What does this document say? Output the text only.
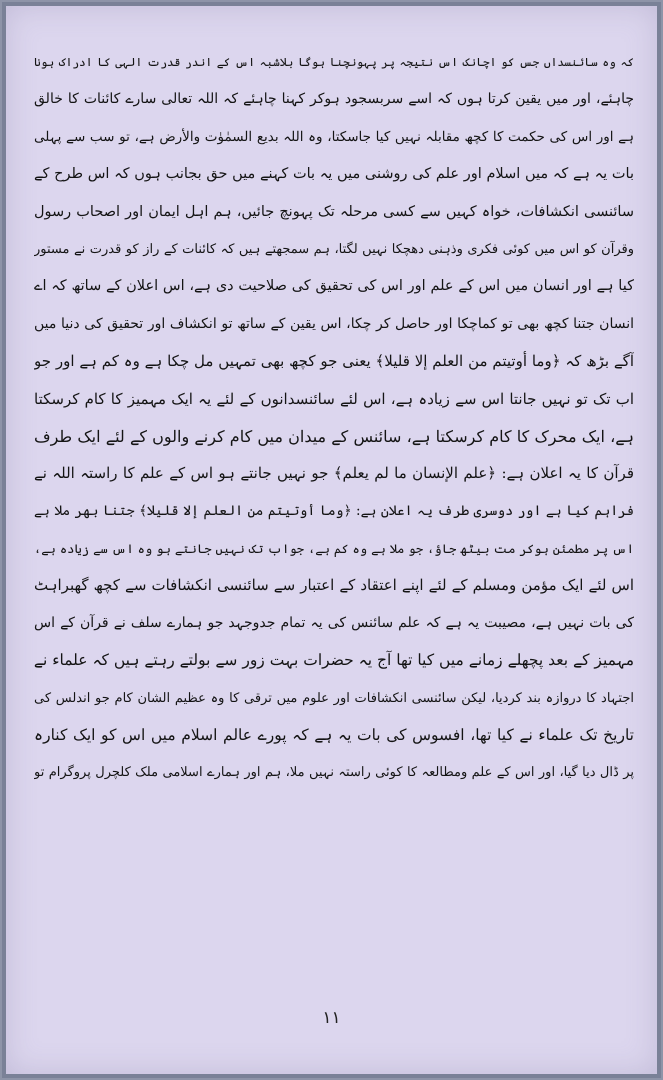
کہ وہ سائنسداں جس کو اچانک اس نتیجہ پر پہونچنا ہوگا بلاشبہ اس کے اندر قدرت الہی کا ادراک ہونا
چاہئے، اور میں یقین کرتا ہوں کہ اسے سربسجود ہوکر کہنا چاہئے کہ اللہ تعالی سارے کائنات کا خالق
ہے اور اس کی حکمت کا کچھ مقابلہ نہیں کیا جاسکتا، وہ اللہ بدیع السمٰوٰت والأرض ہے، تو سب سے پہلی
بات یہ ہے کہ میں اسلام اور علم کی روشنی میں یہ بات کہنے میں حق بجانب ہوں کہ اس طرح کے
سائنسی انکشافات، خواہ کہیں سے کسی مرحلہ تک پہونچ جائیں، ہم اہل ایمان اور اصحاب رسول
وقرآن کو اس میں کوئی فکری وذہنی دھچکا نہیں لگتا، ہم سمجھتے ہیں کہ کائنات کے راز کو قدرت نے مستور
کیا ہے اور انسان میں اس کے علم اور اس کی تحقیق کی صلاحیت دی ہے، اس اعلان کے ساتھ کہ اے
انسان جتنا کچھ بھی تو کماچکا اور حاصل کر چکا، اس یقین کے ساتھ تو انکشاف اور تحقیق کی دنیا میں
آگے بڑھ کہ ﴿وما أوتيتم من العلم إلا قليلا﴾ یعنی جو کچھ بھی تمہیں مل چکا ہے وہ کم ہے اور جو
اب تک تو نہیں جانتا اس سے زیادہ ہے، اس لئے سائنسدانوں کے لئے یہ ایک مہمیز کا کام کرسکتا
ہے، ایک محرک کا کام کرسکتا ہے، سائنس کے میدان میں کام کرنے والوں کے لئے ایک طرف
قرآن کا یہ اعلان ہے: ﴿علم الإنسان ما لم يعلم﴾ جو نہیں جانتے ہو اس کے علم کا راستہ اللہ نے
فراہم کیا ہے اور دوسری طرف یہ اعلان ہے: ﴿وما أوتيتم من العلم إلا قليلا﴾ جتنا بھر ملا ہے
اس پر مطمئن ہوکر مت بیٹھ جاؤ، جو ملا ہے وہ کم ہے، جواب تک نہیں جانتے ہو وہ اس سے زیادہ ہے،
اس لئے ایک مؤمن ومسلم کے لئے اپنے اعتقاد کے اعتبار سے سائنسی انکشافات سے کچھ گھبراہٹ
کی بات نہیں ہے، مصیبت یہ ہے کہ علم سائنس کی یہ تمام جدوجہد جو ہمارے سلف نے قرآن کے اس
مہمیز کے بعد پچھلے زمانے میں کیا تھا آج یہ حضرات بہت زور سے بولتے رہتے ہیں کہ علماء نے
اجتہاد کا دروازہ بند کردیا، لیکن سائنسی انکشافات اور علوم میں ترقی کا وہ عظیم الشان کام جو اندلس کی
تاریخ تک علماء نے کیا تھا، افسوس کی بات یہ ہے کہ پورے عالم اسلام میں اس کو ایک کنارہ
پر ڈال دیا گیا، اور اس کے علم ومطالعہ کا کوئی راستہ نہیں ملا، ہم اور ہمارے اسلامی ملک کلچرل پروگرام تو
۱۱
